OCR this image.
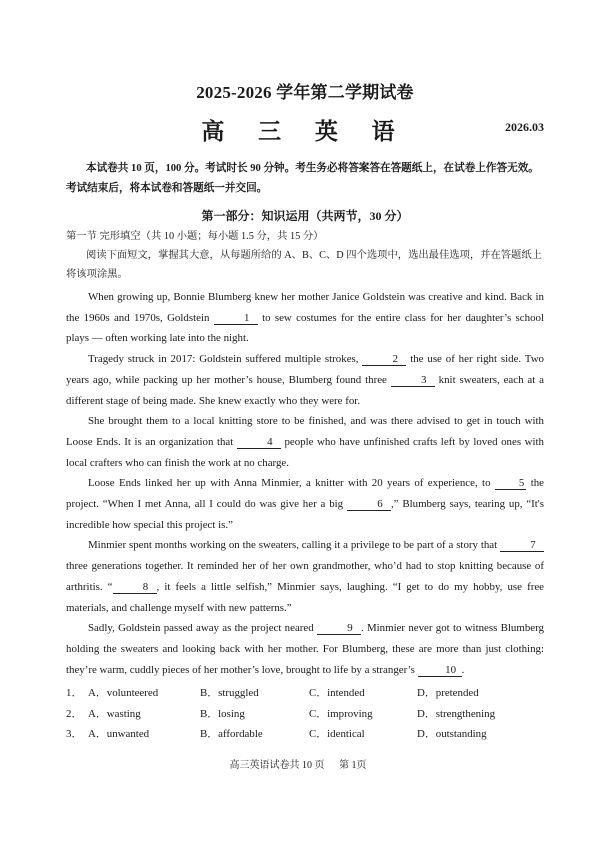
2025-2026 学年第二学期试卷
高 三 英 语	2026.03

本试卷共 10 页，100 分。考试时长 90 分钟。考生务必将答案答在答题纸上，在试卷上作答无效。考试结束后，将本试卷和答题纸一并交回。

第一部分：知识运用（共两节，30 分）

第一节 完形填空（共 10 小题；每小题 1.5 分，共 15 分）

阅读下面短文，掌握其大意，从每题所给的 A、B、C、D 四个选项中，选出最佳选项，并在答题纸上将该项涂黑。

When growing up, Bonnie Blumberg knew her mother Janice Goldstein was creative and kind. Back in the 1960s and 1970s, Goldstein	1 to sew costumes for the entire class for her daughter’s school plays — often working late into the night.

Tragedy struck in 2017: Goldstein suffered multiple strokes,	2 the use of her right side. Two years ago, while packing up her mother’s house, Blumberg found three	3 knit sweaters, each at a different stage of being made. She knew exactly who they were for.

She brought them to a local knitting store to be finished, and was there advised to get in touch with Loose Ends. It is an organization that	4 people who have unfinished crafts left by loved ones with local crafters who can finish the work at no charge.

Loose Ends linked her up with Anna Minmier, a knitter with 20 years of experience, to 5 the project. “When I met Anna, all I could do was give her a big	6 ,” Blumberg says, tearing up, “It's incredible how special this project is.”

Minmier spent months working on the sweaters, calling it a privilege to be part of a story that	7 three generations together. It reminded her of her own grandmother, who’d had to stop knitting because of arthritis. “	8 , it feels a little selfish,” Minmier says, laughing. “I get to do my hobby, use free materials, and challenge myself with new patterns.”

Sadly, Goldstein passed away as the project neared	9 . Minmier never got to witness Blumberg holding the sweaters and looking back with her mother. For Blumberg, these are more than just clothing: they’re warm, cuddly pieces of her mother’s love, brought to life by a stranger’s	10 .

1． A．volunteered	B．struggled	C．intended	D．pretended
2． A．wasting	B．losing	C．improving	D．strengthening
3． A．unwanted	B．affordable	C．identical	D．outstanding
高三英语试卷共 10 页 第 1页
